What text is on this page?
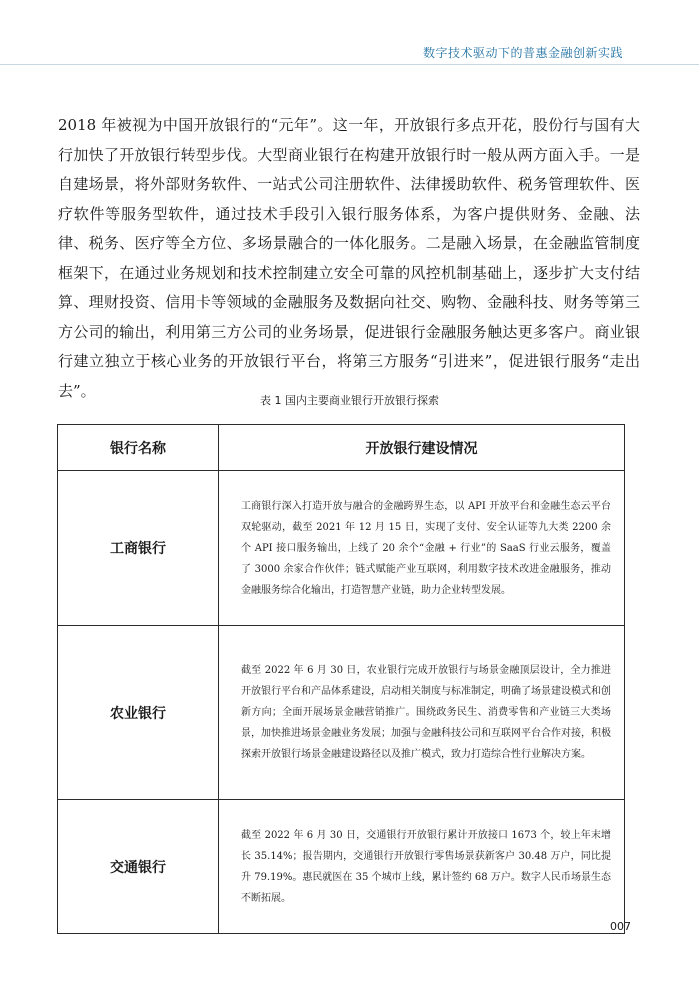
数字技术驱动下的普惠金融创新实践

2018 年被视为中国开放银行的“元年”。这一年，开放银行多点开花，股份行与国有大行加快了开放银行转型步伐。大型商业银行在构建开放银行时一般从两方面入手。一是自建场景，将外部财务软件、一站式公司注册软件、法律援助软件、税务管理软件、医疗软件等服务型软件，通过技术手段引入银行服务体系，为客户提供财务、金融、法律、税务、医疗等全方位、多场景融合的一体化服务。二是融入场景，在金融监管制度框架下，在通过业务规划和技术控制建立安全可靠的风控机制基础上，逐步扩大支付结算、理财投资、信用卡等领域的金融服务及数据向社交、购物、金融科技、财务等第三方公司的输出，利用第三方公司的业务场景，促进银行金融服务触达更多客户。商业银行建立独立于核心业务的开放银行平台，将第三方服务“引进来”，促进银行服务“走出去”。

表 1 国内主要商业银行开放银行探索
银行名称	开放银行建设情况
工商银行	工商银行深入打造开放与融合的金融跨界生态，以 API 开放平台和金融生态云平台双轮驱动，截至 2021 年 12 月 15 日，实现了支付、安全认证等九大类 2200 余个 API 接口服务输出，上线了 20 余个“金融 + 行业”的 SaaS 行业云服务，覆盖了 3000 余家合作伙伴；链式赋能产业互联网，利用数字技术改进金融服务，推动金融服务综合化输出，打造智慧产业链，助力企业转型发展。
农业银行	截至 2022 年 6 月 30 日，农业银行完成开放银行与场景金融顶层设计，全力推进开放银行平台和产品体系建设，启动相关制度与标准制定，明确了场景建设模式和创新方向；全面开展场景金融营销推广。围绕政务民生、消费零售和产业链三大类场景，加快推进场景金融业务发展；加强与金融科技公司和互联网平台合作对接，积极探索开放银行场景金融建设路径以及推广模式，致力打造综合性行业解决方案。
交通银行	截至 2022 年 6 月 30 日，交通银行开放银行累计开放接口 1673 个，较上年末增长 35.14%；报告期内，交通银行开放银行零售场景获新客户 30.48 万户，同比提升 79.19%。惠民就医在 35 个城市上线，累计签约 68 万户。数字人民币场景生态不断拓展。
007
